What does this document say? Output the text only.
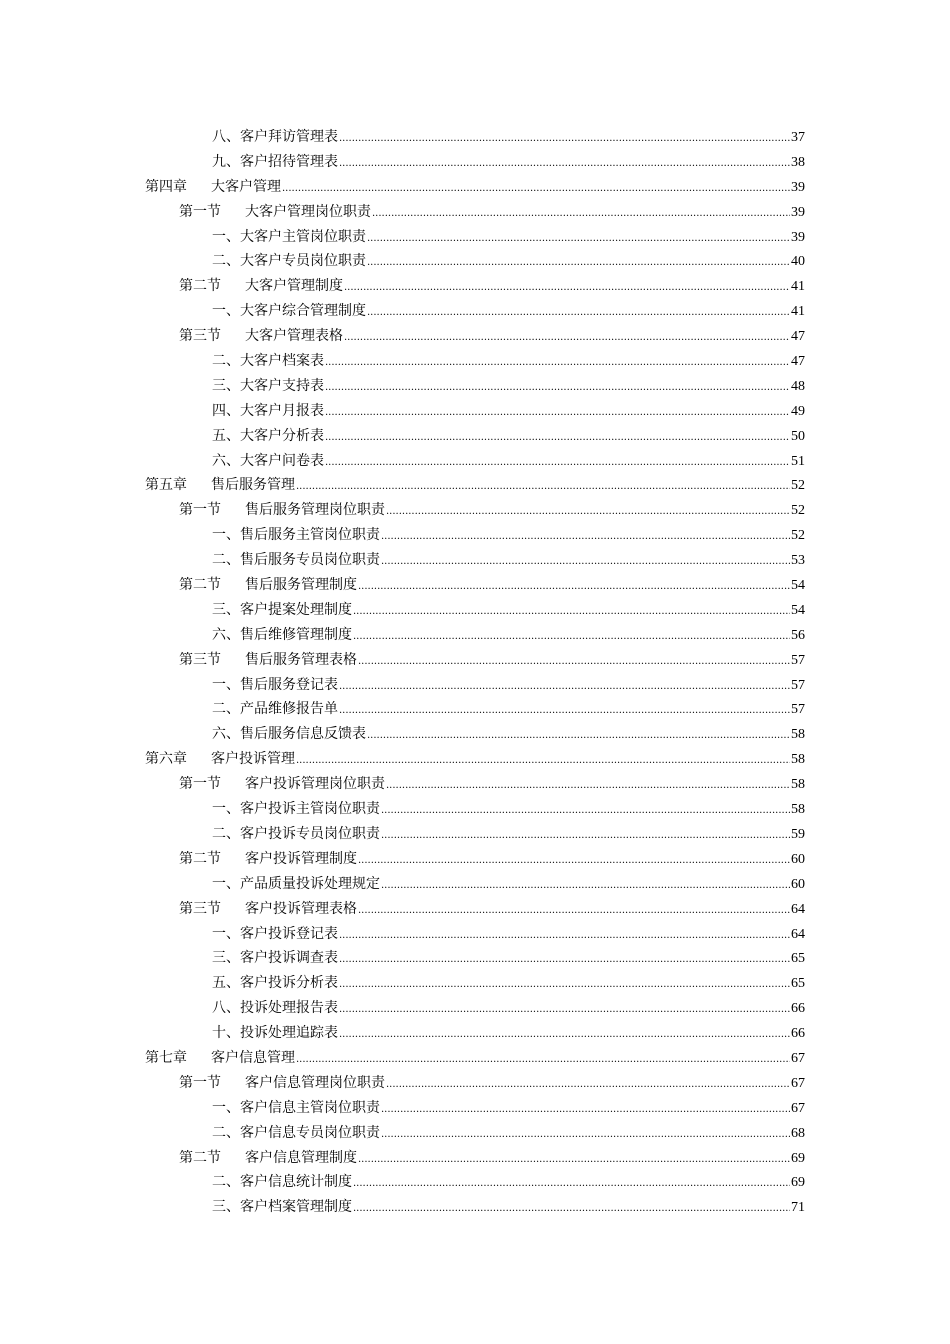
八、 客户拜访管理表 .....	37
九、 客户招待管理表 .....	38
第四章	大客户管理 .....	39
第一节	大客户管理岗位职责 .....	39
一、 大客户主管岗位职责 .....	39
二、 大客户专员岗位职责 .....	40
第二节	大客户管理制度 .....	41
一、 大客户综合管理制度 .....	41
第三节	大客户管理表格 .....	47
二、 大客户档案表 .....	47
三、 大客户支持表 .....	48
四、 大客户月报表 .....	49
五、 大客户分析表 .....	50
六、 大客户问卷表 .....	51
第五章	售后服务管理 .....	52
第一节	售后服务管理岗位职责 .....	52
一、 售后服务主管岗位职责 .....	52
二、 售后服务专员岗位职责 .....	53
第二节	售后服务管理制度 .....	54
三、 客户提案处理制度 .....	54
六、 售后维修管理制度 .....	56
第三节	售后服务管理表格 .....	57
一、 售后服务登记表 .....	57
二、 产品维修报告单 .....	57
六、 售后服务信息反馈表 .....	58
第六章	客户投诉管理 .....	58
第一节	客户投诉管理岗位职责 .....	58
一、 客户投诉主管岗位职责 .....	58
二、 客户投诉专员岗位职责 .....	59
第二节	客户投诉管理制度 .....	60
一、 产品质量投诉处理规定 .....	60
第三节	客户投诉管理表格 .....	64
一、 客户投诉登记表 .....	64
三、 客户投诉调查表 .....	65
五、 客户投诉分析表 .....	65
八、 投诉处理报告表 .....	66
十、 投诉处理追踪表 .....	66
第七章	客户信息管理 .....	67
第一节	客户信息管理岗位职责 .....	67
一、 客户信息主管岗位职责 .....	67
二、 客户信息专员岗位职责 .....	68
第二节	客户信息管理制度 .....	69
二、 客户信息统计制度 .....	69
三、 客户档案管理制度 .....	71
